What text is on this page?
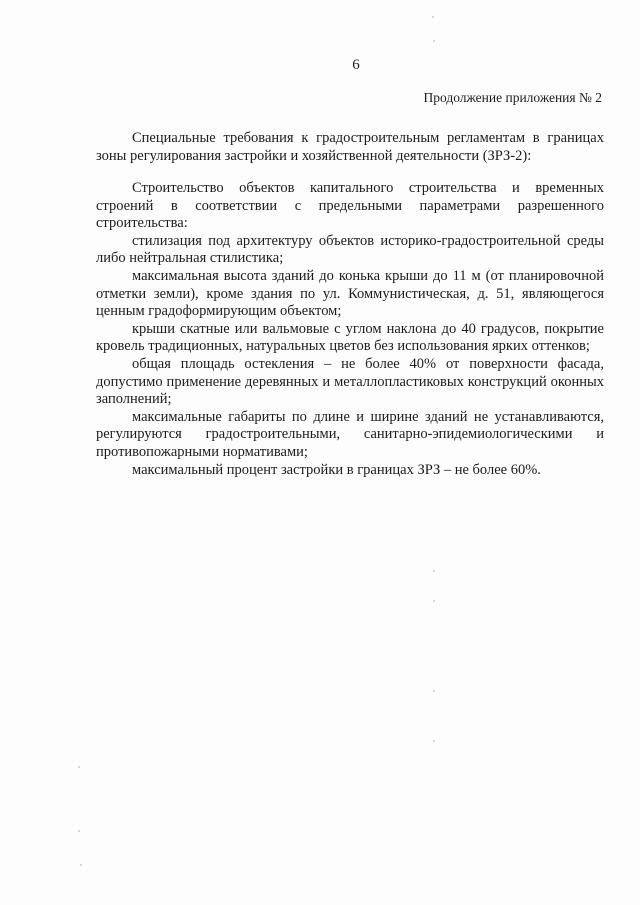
6
Продолжение приложения № 2
Специальные требования к градостроительным регламентам в границах зоны регулирования застройки и хозяйственной деятельности (ЗРЗ-2):

Строительство объектов капитального строительства и временных строений в соответствии с предельными параметрами разрешенного строительства:

стилизация под архитектуру объектов историко-градостроительной среды либо нейтральная стилистика;

максимальная высота зданий до конька крыши до 11 м (от планировочной отметки земли), кроме здания по ул. Коммунистическая, д. 51, являющегося ценным градоформирующим объектом;

крыши скатные или вальмовые с углом наклона до 40 градусов, покрытие кровель традиционных, натуральных цветов без использования ярких оттенков;

общая площадь остекления – не более 40% от поверхности фасада, допустимо применение деревянных и металлопластиковых конструкций оконных заполнений;

максимальные габариты по длине и ширине зданий не устанавливаются, регулируются градостроительными, санитарно-эпидемиологическими и противопожарными нормативами;

максимальный процент застройки в границах ЗРЗ – не более 60%.
